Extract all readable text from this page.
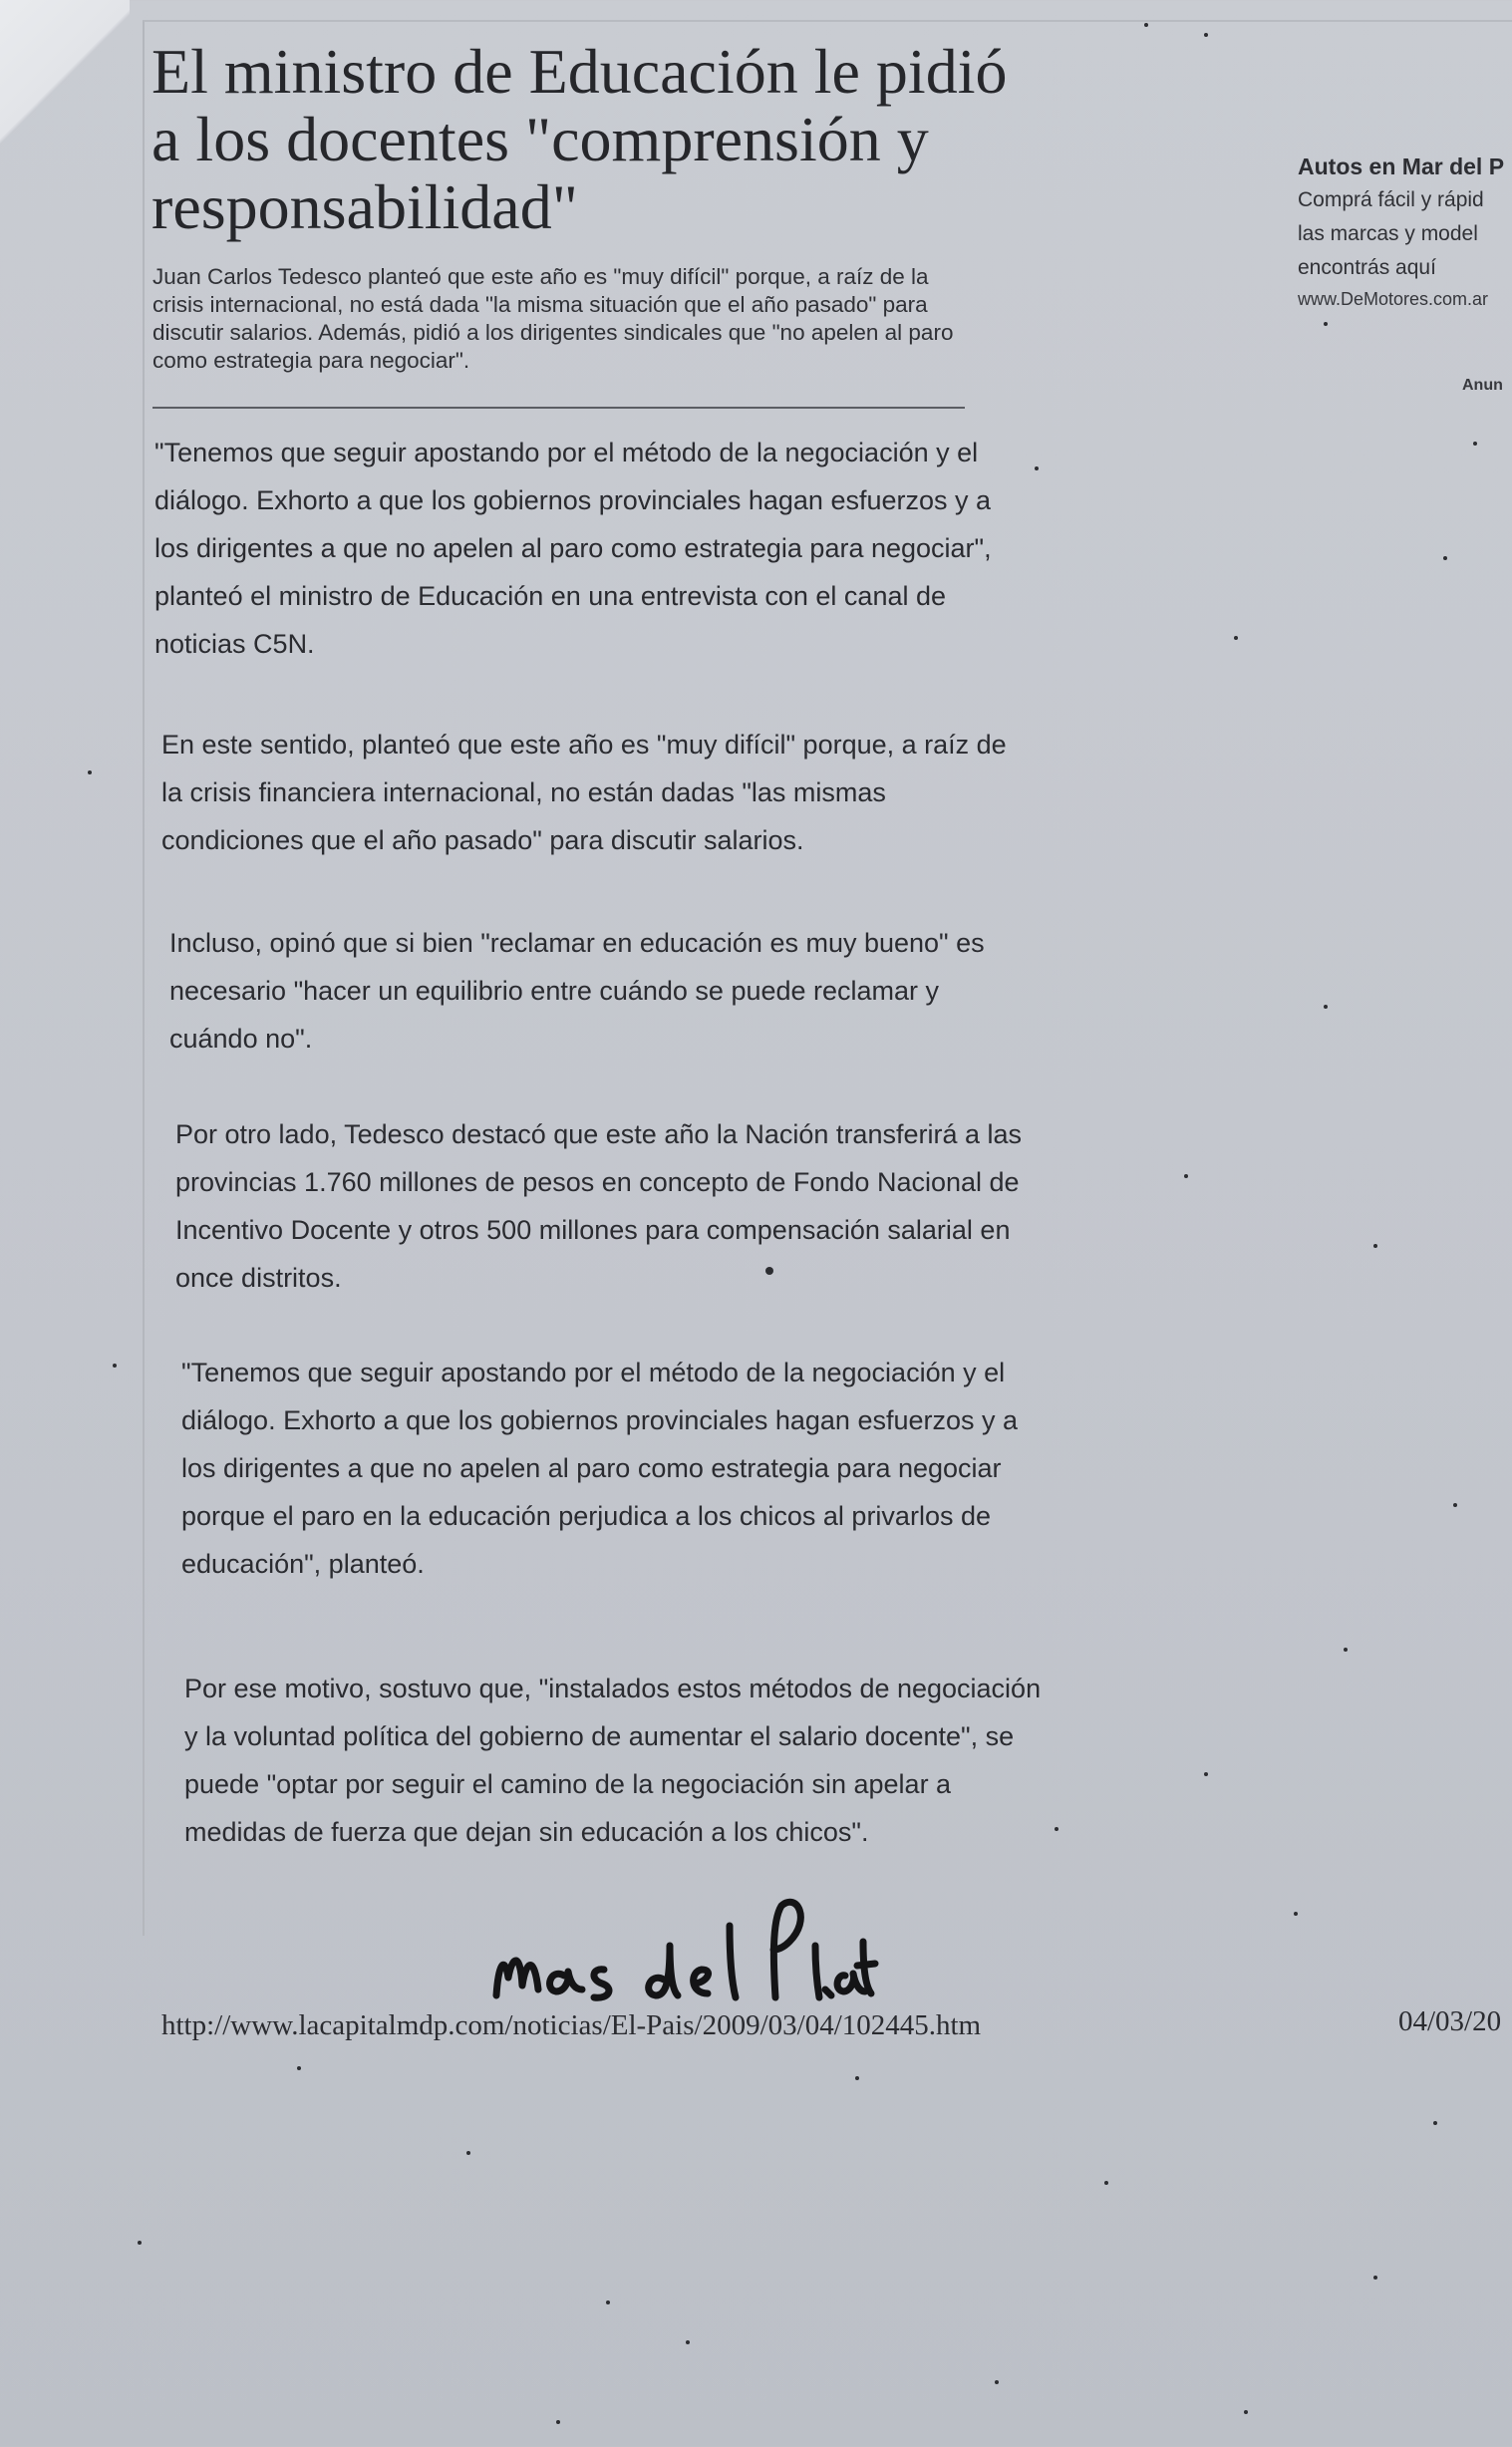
El ministro de Educación le pidió a los docentes "comprensión y responsabilidad"

Juan Carlos Tedesco planteó que este año es "muy difícil" porque, a raíz de la crisis internacional, no está dada "la misma situación que el año pasado" para discutir salarios. Además, pidió a los dirigentes sindicales que "no apelen al paro como estrategia para negociar".

"Tenemos que seguir apostando por el método de la negociación y el diálogo. Exhorto a que los gobiernos provinciales hagan esfuerzos y a los dirigentes a que no apelen al paro como estrategia para negociar", planteó el ministro de Educación en una entrevista con el canal de noticias C5N.

En este sentido, planteó que este año es "muy difícil" porque, a raíz de la crisis financiera internacional, no están dadas "las mismas condiciones que el año pasado" para discutir salarios.

Incluso, opinó que si bien "reclamar en educación es muy bueno" es necesario "hacer un equilibrio entre cuándo se puede reclamar y cuándo no".

Por otro lado, Tedesco destacó que este año la Nación transferirá a las provincias 1.760 millones de pesos en concepto de Fondo Nacional de Incentivo Docente y otros 500 millones para compensación salarial en once distritos.

"Tenemos que seguir apostando por el método de la negociación y el diálogo. Exhorto a que los gobiernos provinciales hagan esfuerzos y a los dirigentes a que no apelen al paro como estrategia para negociar porque el paro en la educación perjudica a los chicos al privarlos de educación", planteó.

Por ese motivo, sostuvo que, "instalados estos métodos de negociación y la voluntad política del gobierno de aumentar el salario docente", se puede "optar por seguir el camino de la negociación sin apelar a medidas de fuerza que dejan sin educación a los chicos".

Autos en Mar del P
Comprá fácil y rápid
las marcas y model
encontrás aquí
www.DeMotores.com.ar
Anun
http://www.lacapitalmdp.com/noticias/El-Pais/2009/03/04/102445.htm	04/03/20
